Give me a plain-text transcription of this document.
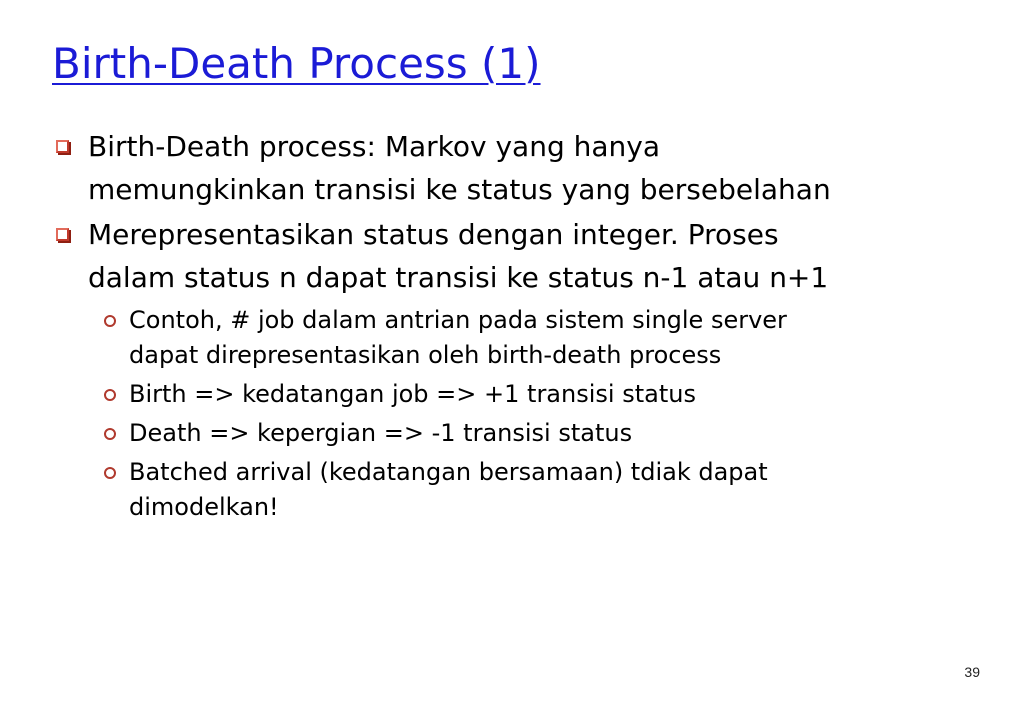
Birth-Death Process (1)
Birth-Death process: Markov yang hanya
memungkinkan transisi ke status yang bersebelahan
Merepresentasikan status dengan integer. Proses
dalam status n dapat transisi ke status n-1 atau n+1
Contoh, # job dalam antrian pada sistem single server
dapat direpresentasikan oleh birth-death process
Birth => kedatangan job => +1 transisi status
Death => kepergian => -1 transisi status
Batched arrival (kedatangan bersamaan) tdiak dapat
dimodelkan!
39
